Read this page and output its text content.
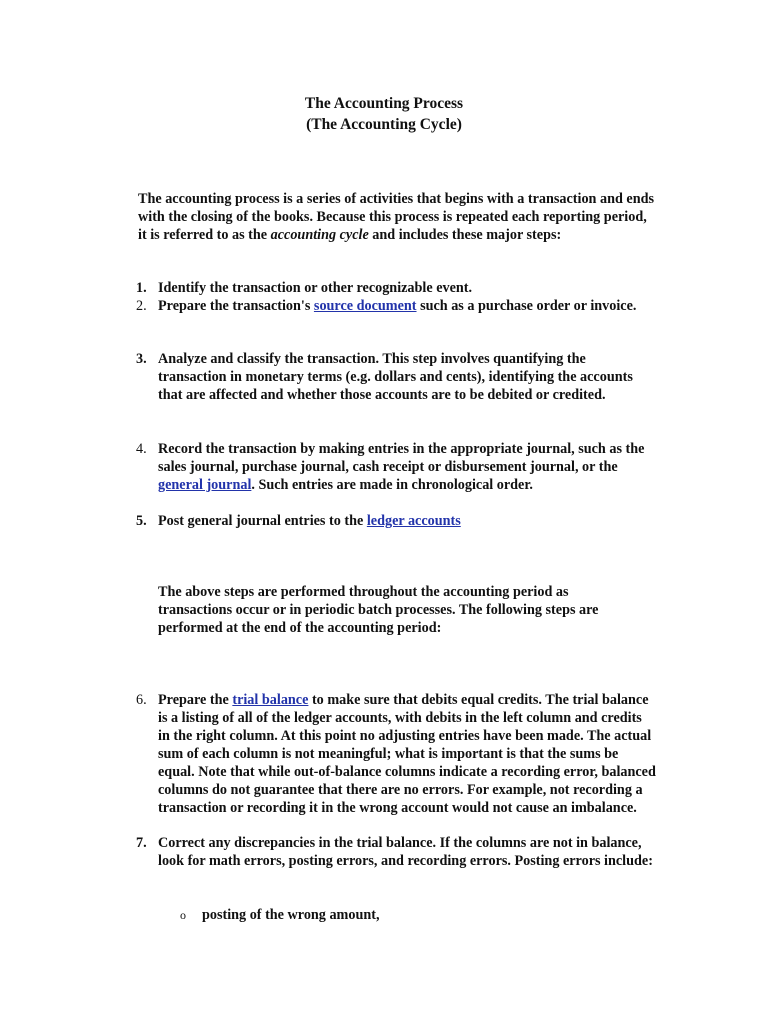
The Accounting Process
(The Accounting Cycle)
The accounting process is a series of activities that begins with a transaction and ends with the closing of the books. Because this process is repeated each reporting period, it is referred to as the accounting cycle and includes these major steps:
1. Identify the transaction or other recognizable event.
2. Prepare the transaction's source document such as a purchase order or invoice.
3. Analyze and classify the transaction. This step involves quantifying the transaction in monetary terms (e.g. dollars and cents), identifying the accounts that are affected and whether those accounts are to be debited or credited.
4. Record the transaction by making entries in the appropriate journal, such as the sales journal, purchase journal, cash receipt or disbursement journal, or the general journal. Such entries are made in chronological order.
5. Post general journal entries to the ledger accounts
The above steps are performed throughout the accounting period as transactions occur or in periodic batch processes. The following steps are performed at the end of the accounting period:
6. Prepare the trial balance to make sure that debits equal credits. The trial balance is a listing of all of the ledger accounts, with debits in the left column and credits in the right column. At this point no adjusting entries have been made. The actual sum of each column is not meaningful; what is important is that the sums be equal. Note that while out-of-balance columns indicate a recording error, balanced columns do not guarantee that there are no errors. For example, not recording a transaction or recording it in the wrong account would not cause an imbalance.
7. Correct any discrepancies in the trial balance. If the columns are not in balance, look for math errors, posting errors, and recording errors. Posting errors include:
o posting of the wrong amount,
